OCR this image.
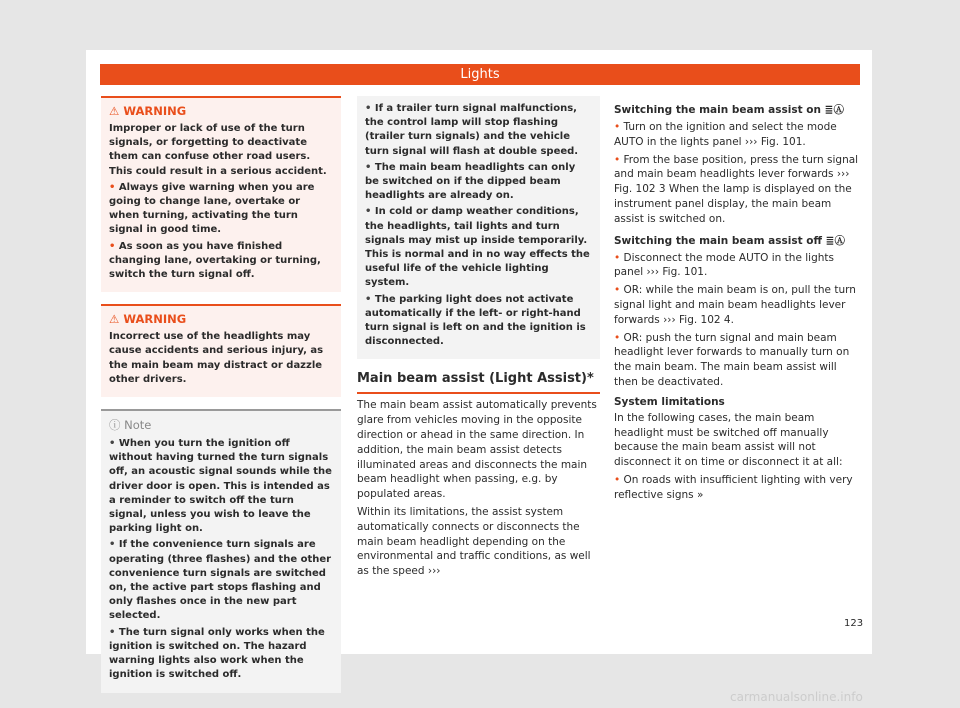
Lights
⚠ WARNING

Improper or lack of use of the turn signals, or forgetting to deactivate them can confuse other road users. This could result in a serious accident.

• Always give warning when you are going to change lane, overtake or when turning, activating the turn signal in good time.

• As soon as you have finished changing lane, overtaking or turning, switch the turn signal off.

⚠ WARNING

Incorrect use of the headlights may cause accidents and serious injury, as the main beam may distract or dazzle other drivers.

ⓘ Note

• When you turn the ignition off without having turned the turn signals off, an acoustic signal sounds while the driver door is open. This is intended as a reminder to switch off the turn signal, unless you wish to leave the parking light on.

• If the convenience turn signals are operating (three flashes) and the other convenience turn signals are switched on, the active part stops flashing and only flashes once in the new part selected.

• The turn signal only works when the ignition is switched on. The hazard warning lights also work when the ignition is switched off.

• If a trailer turn signal malfunctions, the control lamp will stop flashing (trailer turn signals) and the vehicle turn signal will flash at double speed.

• The main beam headlights can only be switched on if the dipped beam headlights are already on.

• In cold or damp weather conditions, the headlights, tail lights and turn signals may mist up inside temporarily. This is normal and in no way effects the useful life of the vehicle lighting system.

• The parking light does not activate automatically if the left- or right-hand turn signal is left on and the ignition is disconnected.

Main beam assist (Light Assist)*

The main beam assist automatically prevents glare from vehicles moving in the opposite direction or ahead in the same direction. In addition, the main beam assist detects illuminated areas and disconnects the main beam headlight when passing, e.g. by populated areas.

Within its limitations, the assist system automatically connects or disconnects the main beam headlight depending on the environmental and traffic conditions, as well as the speed ›››

Switching the main beam assist on ≣Ⓐ

• Turn on the ignition and select the mode AUTO in the lights panel ››› Fig. 101.

• From the base position, press the turn signal and main beam headlights lever forwards ››› Fig. 102 3 When the lamp is displayed on the instrument panel display, the main beam assist is switched on.

Switching the main beam assist off ≣Ⓐ

• Disconnect the mode AUTO in the lights panel ››› Fig. 101.

• OR: while the main beam is on, pull the turn signal light and main beam headlights lever forwards ››› Fig. 102 4.

• OR: push the turn signal and main beam headlight lever forwards to manually turn on the main beam. The main beam assist will then be deactivated.

System limitations

In the following cases, the main beam headlight must be switched off manually because the main beam assist will not disconnect it on time or disconnect it at all:

• On roads with insufficient lighting with very reflective signs »

123
carmanualsonline.info
